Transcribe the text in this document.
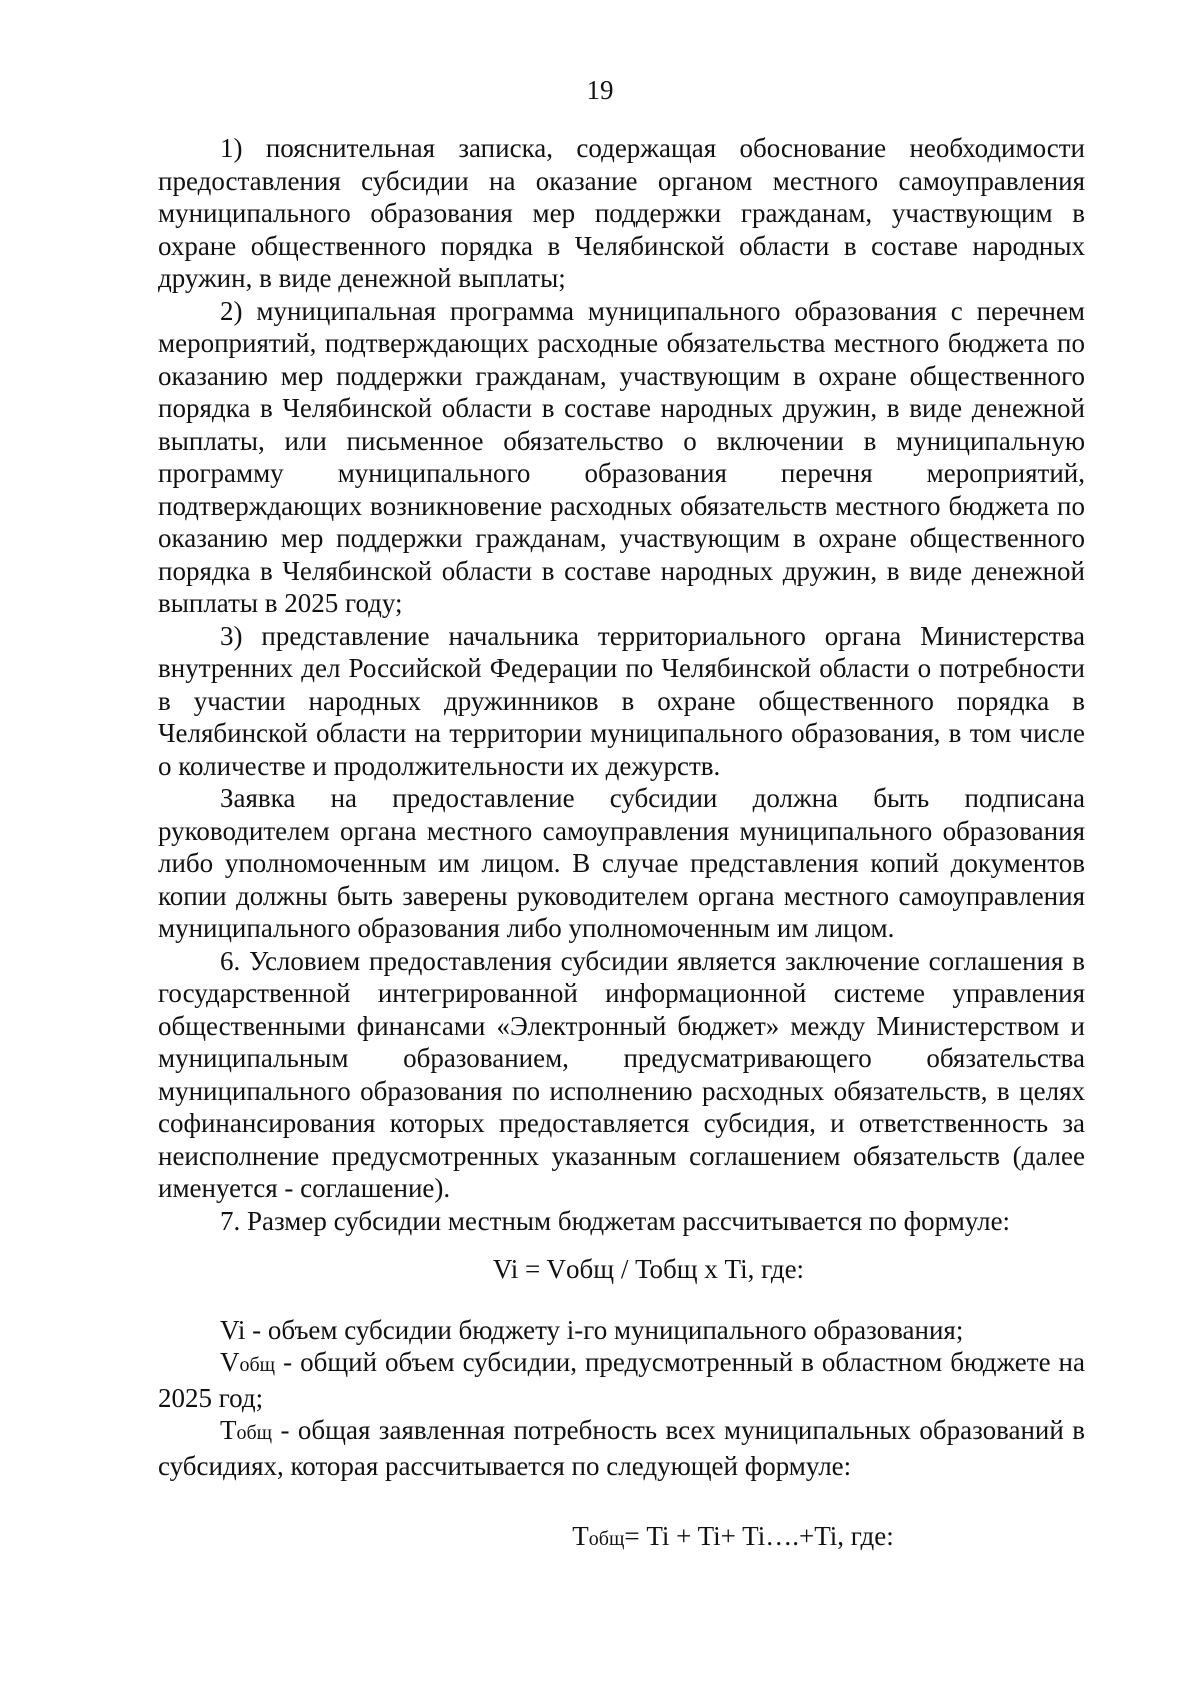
19

1) пояснительная записка, содержащая обоснование необходимости предоставления субсидии на оказание органом местного самоуправления муниципального образования мер поддержки гражданам, участвующим в охране общественного порядка в Челябинской области в составе народных дружин, в виде денежной выплаты;

2) муниципальная программа муниципального образования с перечнем мероприятий, подтверждающих расходные обязательства местного бюджета по оказанию мер поддержки гражданам, участвующим в охране общественного порядка в Челябинской области в составе народных дружин, в виде денежной выплаты, или письменное обязательство о включении в муниципальную программу муниципального образования перечня мероприятий, подтверждающих возникновение расходных обязательств местного бюджета по оказанию мер поддержки гражданам, участвующим в охране общественного порядка в Челябинской области в составе народных дружин, в виде денежной выплаты в 2025 году;

3) представление начальника территориального органа Министерства внутренних дел Российской Федерации по Челябинской области о потребности в участии народных дружинников в охране общественного порядка в Челябинской области на территории муниципального образования, в том числе о количестве и продолжительности их дежурств.

Заявка на предоставление субсидии должна быть подписана руководителем органа местного самоуправления муниципального образования либо уполномоченным им лицом. В случае представления копий документов копии должны быть заверены руководителем органа местного самоуправления муниципального образования либо уполномоченным им лицом.

6. Условием предоставления субсидии является заключение соглашения в государственной интегрированной информационной системе управления общественными финансами «Электронный бюджет» между Министерством и муниципальным образованием, предусматривающего обязательства муниципального образования по исполнению расходных обязательств, в целях софинансирования которых предоставляется субсидия, и ответственность за неисполнение предусмотренных указанным соглашением обязательств (далее именуется - соглашение).

7. Размер субсидии местным бюджетам рассчитывается по формуле:

Vi = Vобщ / Тобщ х Ti, где:

Vi - объем субсидии бюджету i-го муниципального образования;

Vобщ - общий объем субсидии, предусмотренный в областном бюджете на 2025 год;

Тобщ - общая заявленная потребность всех муниципальных образований в субсидиях, которая рассчитывается по следующей формуле:

Тобщ= Ti + Ti+ Ti….+Ti, где:
